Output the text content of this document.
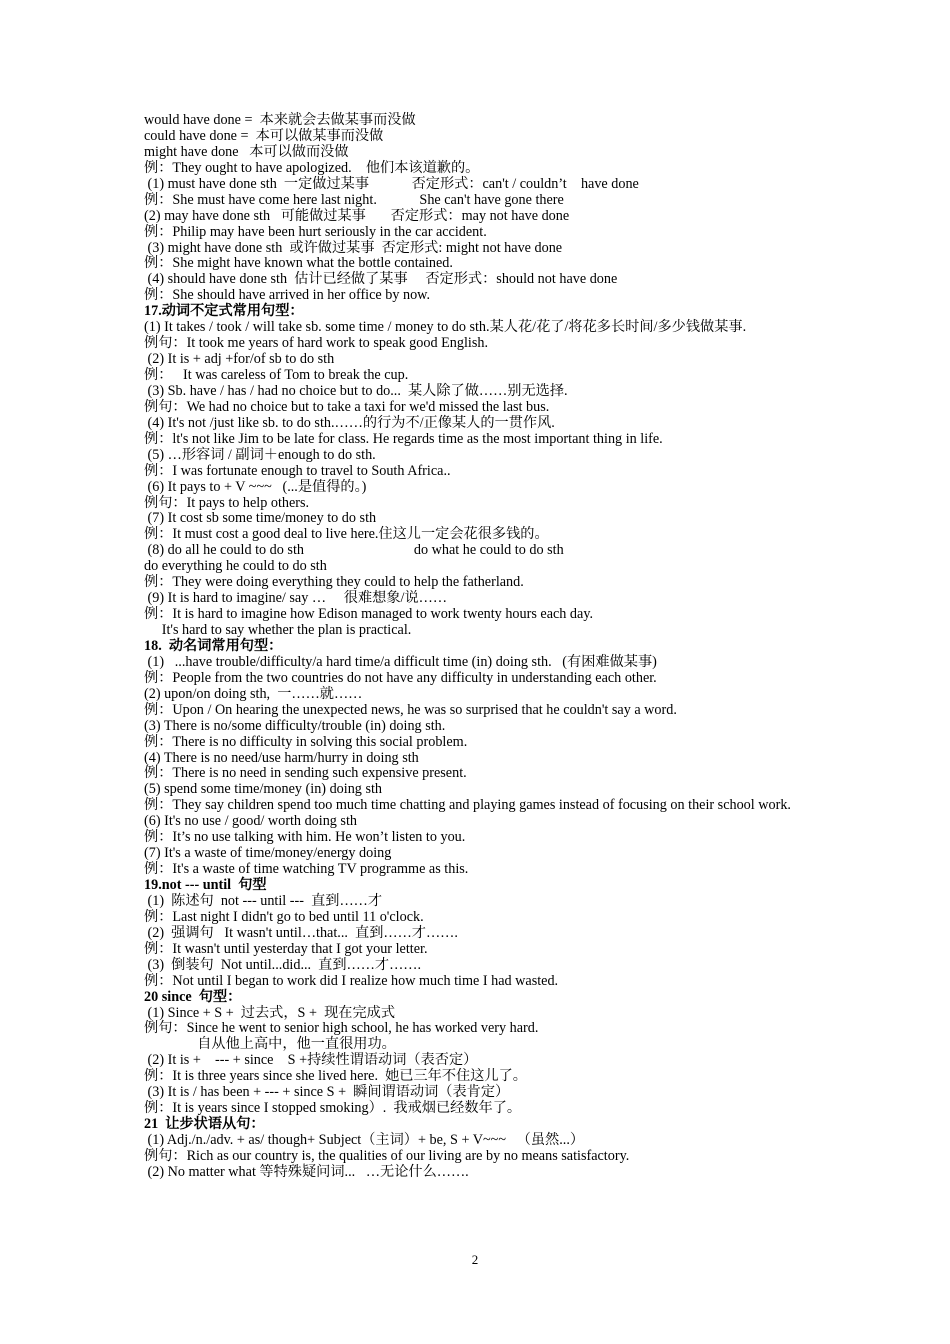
would have done =  本来就会去做某事而没做
could have done =  本可以做某事而没做
might have done   本可以做而没做
例：They ought to have apologized.    他们本该道歉的。
(1) must have done sth  一定做过某事            否定形式：can't / couldn’t    have done
例：She must have come here last night.            She can't have gone there
(2) may have done sth   可能做过某事       否定形式：may not have done
例：Philip may have been hurt seriously in the car accident.
(3) might have done sth  或许做过某事  否定形式: might not have done
例：She might have known what the bottle contained.
(4) should have done sth  估计已经做了某事     否定形式：should not have done
例：She should have arrived in her office by now.
17.动词不定式常用句型：
(1) It takes / took / will take sb. some time / money to do sth.某人花/花了/将花多长时间/多少钱做某事.
例句：It took me years of hard work to speak good English.
(2) It is + adj +for/of sb to do sth
例：   It was careless of Tom to break the cup.
(3) Sb. have / has / had no choice but to do...  某人除了做……别无选择.
例句：We had no choice but to take a taxi for we'd missed the last bus.
(4) It's not /just like sb. to do sth.……的行为不/正像某人的一贯作风.
例：lt's not like Jim to be late for class. He regards time as the most important thing in life.
(5) …形容词 / 副词＋enough to do sth.
例：I was fortunate enough to travel to South Africa..
(6) It pays to + V ~~~   (...是值得的。)
例句：It pays to help others.
(7) It cost sb some time/money to do sth
例：It must cost a good deal to live here.住这儿一定会花很多钱的。
(8) do all he could to do sth                               do what he could to do sth
do everything he could to do sth
例：They were doing everything they could to help the fatherland.
(9) It is hard to imagine/ say …     很难想象/说……
例：It is hard to imagine how Edison managed to work twenty hours each day.
It's hard to say whether the plan is practical.
18.  动名词常用句型：
(1)   ...have trouble/difficulty/a hard time/a difficult time (in) doing sth.   (有困难做某事)
例：People from the two countries do not have any difficulty in understanding each other.
(2) upon/on doing sth,  一……就……
例：Upon / On hearing the unexpected news, he was so surprised that he couldn't say a word.
(3) There is no/some difficulty/trouble (in) doing sth.
例：There is no difficulty in solving this social problem.
(4) There is no need/use harm/hurry in doing sth
例：There is no need in sending such expensive present.
(5) spend some time/money (in) doing sth
例：They say children spend too much time chatting and playing games instead of focusing on their school work.
(6) It's no use / good/ worth doing sth
例：It’s no use talking with him. He won’t listen to you.
(7) It's a waste of time/money/energy doing
例：It's a waste of time watching TV programme as this.
19.not --- until  句型
(1)  陈述句  not --- until ---  直到……才
例：Last night I didn't go to bed until 11 o'clock.
(2)  强调句   It wasn't until…that...  直到……才…….
例：It wasn't until yesterday that I got your letter.
(3)  倒装句  Not until...did...  直到……才…….
例：Not until I began to work did I realize how much time I had wasted.
20 since  句型：
(1) Since + S +  过去式，S +  现在完成式
例句：Since he went to senior high school, he has worked very hard.
自从他上高中，他一直很用功。
(2) It is +    --- + since    S +持续性谓语动词（表否定）
例：It is three years since she lived here.  她已三年不住这儿了。
(3) It is / has been + --- + since S +  瞬间谓语动词（表肯定）
例：It is years since I stopped smoking）.  我戒烟已经数年了。
21  让步状语从句：
(1) Adj./n./adv. + as/ though+ Subject（主词）+ be, S + V~~~   （虽然...）
例句：Rich as our country is, the qualities of our living are by no means satisfactory.
(2) No matter what 等特殊疑问词...   …无论什么…….
2
